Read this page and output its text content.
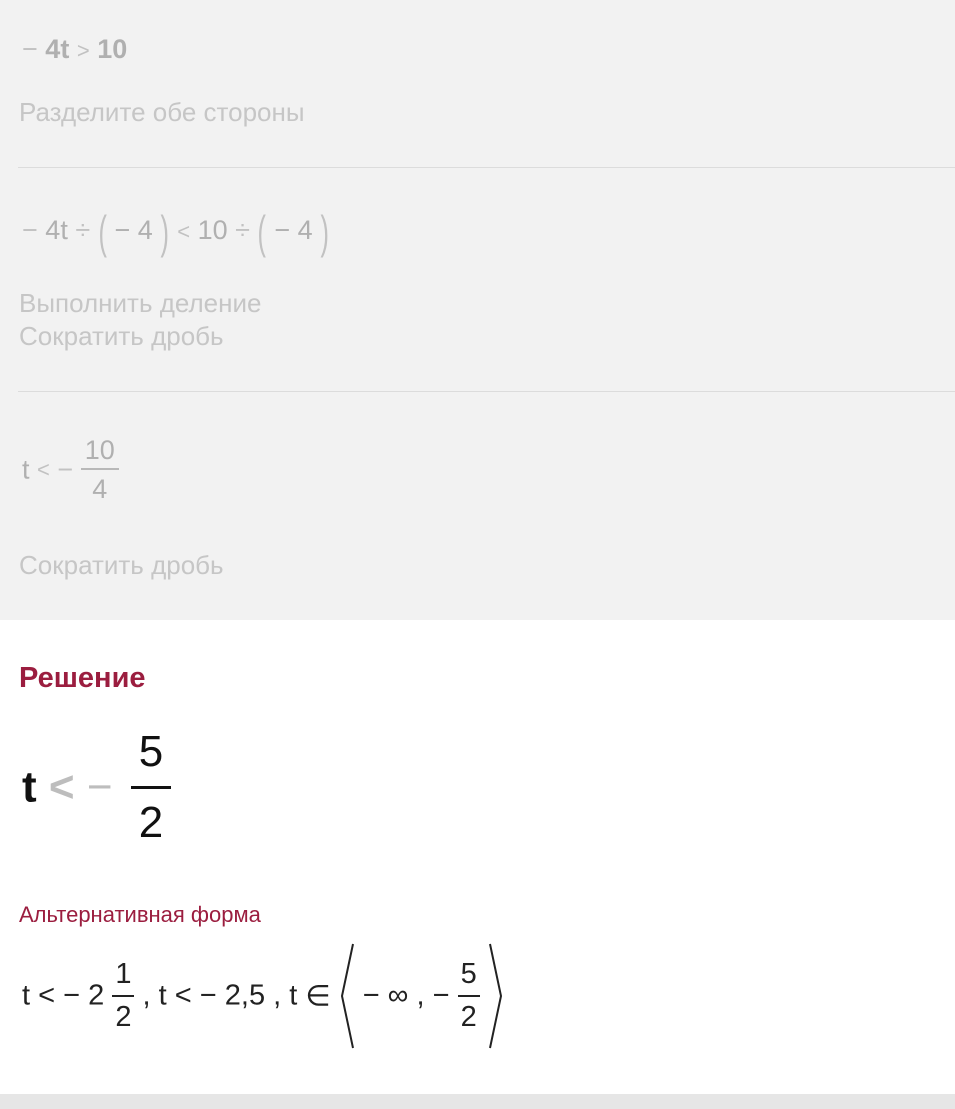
− 4t > 10
Разделите обе стороны
− 4t ÷ ( − 4 ) < 10 ÷ ( − 4 )
Выполнить деление
Сократить дробь
t < − $\frac{10}{4}$
Сократить дробь
Решение
t < − $\frac{5}{2}$
Альтернативная форма
t < − $2 \frac{1}{2}$ , t < − 2,5 , t ∈ − ∞ , − $\frac{5}{2}$
